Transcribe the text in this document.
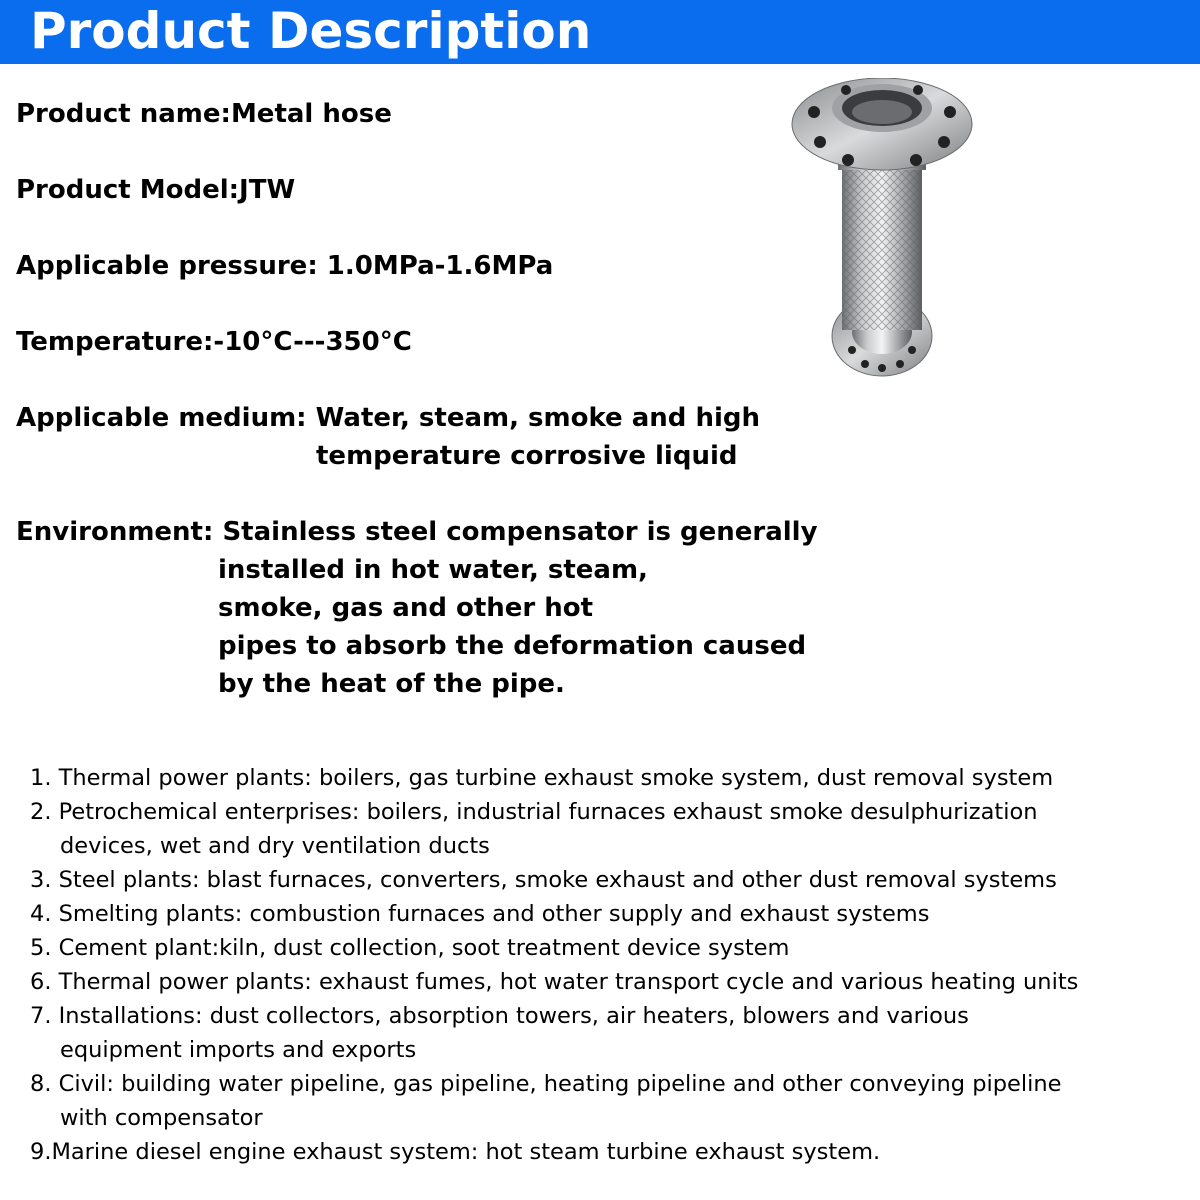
Product Description
Product name:Metal hose
Product Model:JTW
Applicable pressure: 1.0MPa-1.6MPa
Temperature:-10°C---350°C
Applicable medium: Water, steam, smoke and high
temperature corrosive liquid
Environment: Stainless steel compensator is generally
installed in hot water, steam,
smoke, gas and other hot
pipes to absorb the deformation caused
by the heat of the pipe.
1. Thermal power plants: boilers, gas turbine exhaust smoke system, dust removal system
2. Petrochemical enterprises: boilers, industrial furnaces exhaust smoke desulphurization
devices, wet and dry ventilation ducts
3. Steel plants: blast furnaces, converters, smoke exhaust and other dust removal systems
4. Smelting plants: combustion furnaces and other supply and exhaust systems
5. Cement plant:kiln, dust collection, soot treatment device system
6. Thermal power plants: exhaust fumes, hot water transport cycle and various heating units
7. Installations: dust collectors, absorption towers, air heaters, blowers and various
equipment imports and exports
8. Civil: building water pipeline, gas pipeline, heating pipeline and other conveying pipeline
with compensator
9.Marine diesel engine exhaust system: hot steam turbine exhaust system.
